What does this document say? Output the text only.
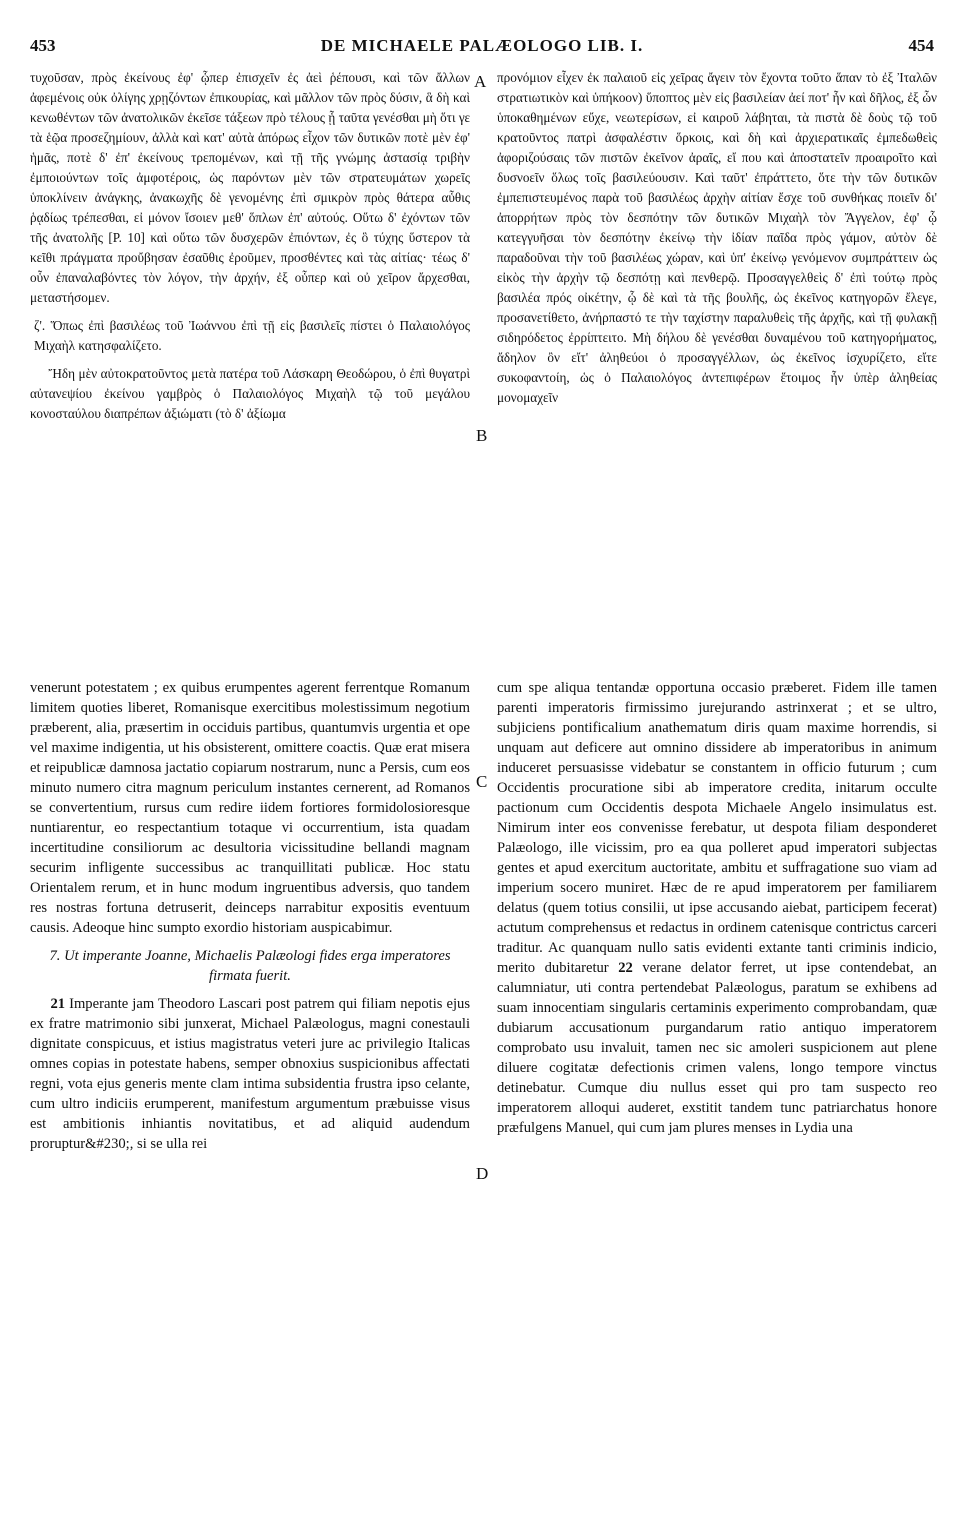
453	DE MICHAELE PALÆOLOGO LIB. I.	454
A
B
C
D

τυχοῦσαν, πρὸς ἐκείνους ἐφ' ᾧπερ ἐπισχεῖν ἐς ἀεὶ ῥέπουσι, καὶ τῶν ἄλλων ἀφεμένοις οὐκ ὀλίγης χρῃζόντων ἐπικουρίας, καὶ μᾶλλον τῶν πρὸς δύσιν, ἃ δὴ καὶ κενωθέντων τῶν ἀνατολικῶν ἐκεῖσε τάξεων πρὸ τέλους ᾖ ταῦτα γενέσθαι μὴ ὅτι γε τὰ ἑῷα προσεζημίουν, ἀλλὰ καὶ κατ' αὐτὰ ἀπόρως εἶχον τῶν δυτικῶν ποτὲ μὲν ἐφ' ἡμᾶς, ποτὲ δ' ἐπ' ἐκείνους τρεπομένων, καὶ τῇ τῆς γνώμης ἀστασίᾳ τριβὴν ἐμποιούντων τοῖς ἀμφοτέροις, ὡς παρόντων μὲν τῶν στρατευμάτων χωρεῖς ὑποκλίνειν ἀνάγκης, ἀνακωχῆς δὲ γενομένης ἐπὶ σμικρὸν πρὸς θάτερα αὖθις ῥᾳδίως τρέπεσθαι, εἰ μόνον ἴσοιεν μεθ' ὅπλων ἐπ' αὐτούς. Οὕτω δ' ἐχόντων τῶν τῆς ἀνατολῆς [P. 10] καὶ οὕτω τῶν δυσχερῶν ἐπιόντων, ἐς ὃ τύχης ὕστερον τὰ κεῖθι πράγματα προὔβησαν ἐσαῦθις ἐροῦμεν, προσθέντες καὶ τὰς αἰτίας· τέως δ' οὖν ἐπαναλαβόντες τὸν λόγον, τὴν ἀρχήν, ἐξ οὗπερ καὶ οὐ χεῖρον ἄρχεσθαι, μεταστήσομεν.

ζ'. Ὅπως ἐπὶ βασιλέως τοῦ Ἰωάννου ἐπὶ τῇ εἰς βασιλεῖς πίστει ὁ Παλαιολόγος Μιχαὴλ κατησφαλίζετο.

Ἤδη μὲν αὐτοκρατοῦντος μετὰ πατέρα τοῦ Λάσκαρη Θεοδώρου, ὁ ἐπὶ θυγατρὶ αὐτανεψίου ἐκείνου γαμβρὸς ὁ Παλαιολόγος Μιχαὴλ τῷ τοῦ μεγάλου κονοσταύλου διαπρέπων ἀξιώματι (τὸ δ' ἀξίωμα

προνόμιον εἶχεν ἐκ παλαιοῦ εἰς χεῖρας ἄγειν τὸν ἔχοντα τοῦτο ἅπαν τὸ ἐξ Ἰταλῶν στρατιωτικὸν καὶ ὑπήκοον) ὕποπτος μὲν εἰς βασιλείαν ἀεί ποτ' ἦν καὶ δῆλος, ἐξ ὧν ὑποκαθημένων εὔχε, νεωτερίσων, εἰ καιροῦ λάβηται, τὰ πιστὰ δὲ δοὺς τῷ τοῦ κρατοῦντος πατρὶ ἀσφαλέστιν ὅρκοις, καὶ δὴ καὶ ἀρχιερατικαῖς ἐμπεδωθεὶς ἀφοριζούσαις τῶν πιστῶν ἐκεῖνον ἀραῖς, εἴ που καὶ ἀποστατεῖν προαιροῖτο καὶ δυσνοεῖν ὅλως τοῖς βασιλεύουσιν. Καὶ ταῦτ' ἐπράττετο, ὅτε τὴν τῶν δυτικῶν ἐμπεπιστευμένος παρὰ τοῦ βασιλέως ἀρχὴν αἰτίαν ἔσχε τοῦ συνθήκας ποιεῖν δι' ἀπορρήτων πρὸς τὸν δεσπότην τῶν δυτικῶν Μιχαὴλ τὸν Ἄγγελον, ἐφ' ᾧ κατεγγυῆσαι τὸν δεσπότην ἐκείνῳ τὴν ἰδίαν παῖδα πρὸς γάμον, αὐτὸν δὲ παραδοῦναι τὴν τοῦ βασιλέως χώραν, καὶ ὑπ' ἐκείνῳ γενόμενον συμπράττειν ὡς εἰκὸς τὴν ἀρχὴν τῷ δεσπότῃ καὶ πενθερῷ. Προσαγγελθεὶς δ' ἐπὶ τούτῳ πρὸς βασιλέα πρός οἰκέτην, ᾧ δὲ καὶ τὰ τῆς βουλῆς, ὡς ἐκεῖνος κατηγορῶν ἔλεγε, προσανετίθετο, ἀνήρπαστό τε τὴν ταχίστην παραλυθεὶς τῆς ἀρχῆς, καὶ τῇ φυλακῇ σιδηρόδετος ἐρρίπτειτο. Μὴ δήλου δὲ γενέσθαι δυναμένου τοῦ κατηγορήματος, ἄδηλον ὂν εἴτ' ἀληθεύοι ὁ προσαγγέλλων, ὡς ἐκεῖνος ἰσχυρίζετο, εἴτε συκοφαντοίη, ὡς ὁ Παλαιολόγος ἀντεπιφέρων ἕτοιμος ἦν ὑπὲρ ἀληθείας μονομαχεῖν

venerunt potestatem ; ex quibus erumpentes agerent ferrentque Romanum limitem quoties liberet, Romanisque exercitibus molestissimum negotium præberent, alia, præsertim in occiduis partibus, quantumvis urgentia et ope vel maxime indigentia, ut his obsisterent, omittere coactis. Quæ erat misera et reipublicæ damnosa jactatio copiarum nostrarum, nunc a Persis, cum eos minuto numero citra magnum periculum instantes cernerent, ad Romanos se convertentium, rursus cum redire iidem fortiores formidolosioresque nuntiarentur, eo respectantium totaque vi occurrentium, ista quadam incertitudine consiliorum ac desultoria vicissitudine bellandi magnam securim infligente successibus ac tranquillitati publicæ. Hoc statu Orientalem rerum, et in hunc modum ingruentibus adversis, quo tandem res nostras fortuna detruserit, deinceps narrabitur expositis eventuum causis. Adeoque hinc sumpto exordio historiam auspicabimur.

7. Ut imperante Joanne, Michaelis Palæologi fides erga imperatores firmata fuerit.

21 Imperante jam Theodoro Lascari post patrem qui filiam nepotis ejus ex fratre matrimonio sibi junxerat, Michael Palæologus, magni conestauli dignitate conspicuus, et istius magistratus veteri jure ac privilegio Italicas omnes copias in potestate habens, semper obnoxius suspicionibus affectati regni, vota ejus generis mente clam intima subsidentia frustra ipso celante, cum ultro indiciis erumperent, manifestum argumentum præbuisse visus est ambitionis inhiantis novitatibus, et ad aliquid audendum proruptur&#230;, si se ulla rei

cum spe aliqua tentandæ opportuna occasio præberet. Fidem ille tamen parenti imperatoris firmissimo jurejurando astrinxerat ; et se ultro, subjiciens pontificalium anathematum diris quam maxime horrendis, si unquam aut deficere aut omnino dissidere ab imperatoribus in animum induceret persuasisse videbatur se constantem in officio futurum ; cum Occidentis procuratione sibi ab imperatore credita, initarum occulte pactionum cum Occidentis despota Michaele Angelo insimulatus est. Nimirum inter eos convenisse ferebatur, ut despota filiam desponderet Palæologo, ille vicissim, pro ea qua polleret apud imperatori subjectas gentes et apud exercitum auctoritate, ambitu et suffragatione suo viam ad imperium socero muniret. Hæc de re apud imperatorem per familiarem delatus (quem totius consilii, ut ipse accusando aiebat, participem fecerat) actutum comprehensus et redactus in ordinem catenisque contrictus carceri traditur. Ac quanquam nullo satis evidenti extante tanti criminis indicio, merito dubitaretur 22 verane delator ferret, ut ipse contendebat, an calumniatur, uti contra pertendebat Palæologus, paratum se exhibens ad suam innocentiam singularis certaminis experimento comprobandam, quæ dubiarum accusationum purgandarum ratio antiquo imperatorem comprobato usu invaluit, tamen nec sic amoleri suspicionem aut plene diluere cogitatæ defectionis crimen valens, longo tempore vinctus detinebatur. Cumque diu nullus esset qui pro tam suspecto reo imperatorem alloqui auderet, exstitit tandem tunc patriarchatus honore præfulgens Manuel, qui cum jam plures menses in Lydia una
